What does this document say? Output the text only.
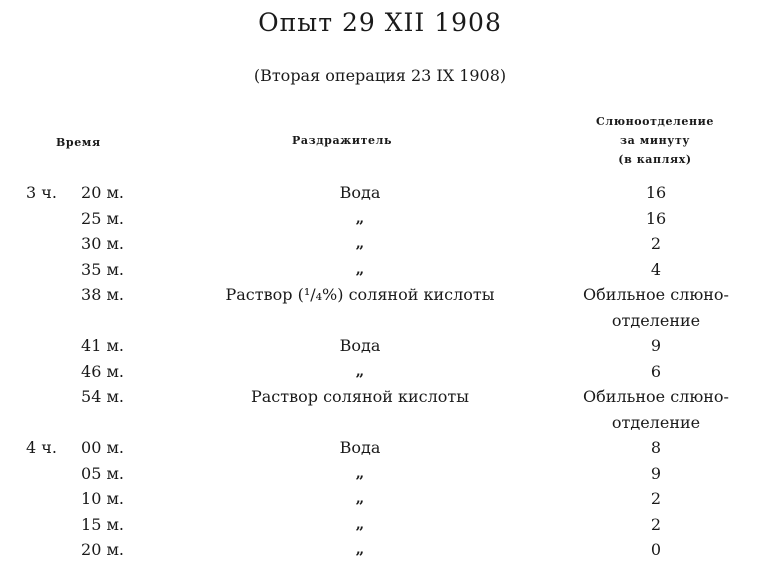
Опыт 29 XII 1908
(Вторая операция 23 IX 1908)
Время	Раздражитель
Слюноотделение
за минуту
(в каплях)
3 ч.	20 м.	Вода	16
25 м.	„	16
30 м.	„	2
35 м.	„	4
38 м.	Раствор (¹/₄%) соляной кислоты	Обильное слюно-
отделение
41 м.	Вода	9
46 м.	„	6
54 м.	Раствор соляной кислоты	Обильное слюно-
отделение
4 ч.	00 м.	Вода	8
05 м.	„	9
10 м.	„	2
15 м.	„	2
20 м.	„	0
